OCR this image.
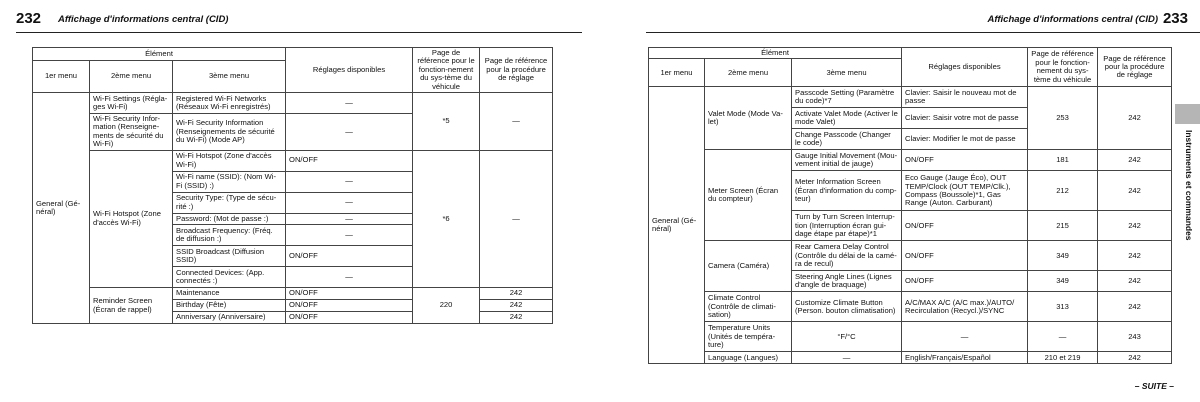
232 Affichage d'informations central (CID)
Élément			Réglages disponibles	Page de référence pour le fonction-nement du sys-tème du véhicule	Page de référence pour la procédure de réglage
1er menu	2ème menu	3ème menu			
General (Gé-néral)	Wi-Fi Settings (Régla-ges Wi-Fi)	Registered Wi-Fi Networks (Réseaux Wi-Fi enregistrés)	—	*5	—
	Wi-Fi Security Infor-mation (Renseigne-ments de sécurité du Wi-Fi)	Wi-Fi Security Information (Renseignements de sécurité du Wi-Fi) (Mode AP)	—		
	Wi-Fi Hotspot (Zone d'accès Wi-Fi)	Wi-Fi Hotspot (Zone d'accès Wi-Fi)	ON/OFF	*6	—
		Wi-Fi name (SSID): (Nom Wi-Fi (SSID) :)	—		
		Security Type: (Type de sécu-rité :)	—		
		Password: (Mot de passe :)	—		
		Broadcast Frequency: (Fréq. de diffusion :)	—		
		SSID Broadcast (Diffusion SSID)	ON/OFF		
		Connected Devices: (App. connectés :)	—		
	Reminder Screen (Écran de rappel)	Maintenance	ON/OFF	220	242
		Birthday (Fête)	ON/OFF		242
		Anniversary (Anniversaire)	ON/OFF		242
Affichage d'informations central (CID) 233
Élément			Réglages disponibles	Page de référence pour le fonction-nement du sys-tème du véhicule	Page de référence pour la procédure de réglage
1er menu	2ème menu	3ème menu			
General (Gé-néral)	Valet Mode (Mode Va-let)	Passcode Setting (Paramètre du code)*7	Clavier: Saisir le nouveau mot de passe	253	242
		Activate Valet Mode (Activer le mode Valet)	Clavier: Saisir votre mot de passe		
		Change Passcode (Changer le code)	Clavier: Modifier le mot de passe		
	Meter Screen (Écran du compteur)	Gauge Initial Movement (Mou-vement initial de jauge)	ON/OFF	181	242
		Meter Information Screen (Écran d'information du comp-teur)	Eco Gauge (Jauge Éco), OUT TEMP/Clock (OUT TEMP/Clk.), Compass (Boussole)*1, Gas Range (Auton. Carburant)	212	242
		Turn by Turn Screen Interrup-tion (Interruption écran gui-dage étape par étape)*1	ON/OFF	215	242
	Camera (Caméra)	Rear Camera Delay Control (Contrôle du délai de la camé-ra de recul)	ON/OFF	349	242
		Steering Angle Lines (Lignes d'angle de braquage)	ON/OFF	349	242
	Climate Control (Contrôle de climati-sation)	Customize Climate Button (Person. bouton climatisation)	A/C/MAX A/C (A/C max.)/AUTO/ Recirculation (Recycl.)/SYNC	313	242
	Temperature Units (Unités de tempéra-ture)	°F/°C	—	—	243
	Language (Langues)	—	English/Français/Español	210 et 219	242
Instruments et commandes
– SUITE –
